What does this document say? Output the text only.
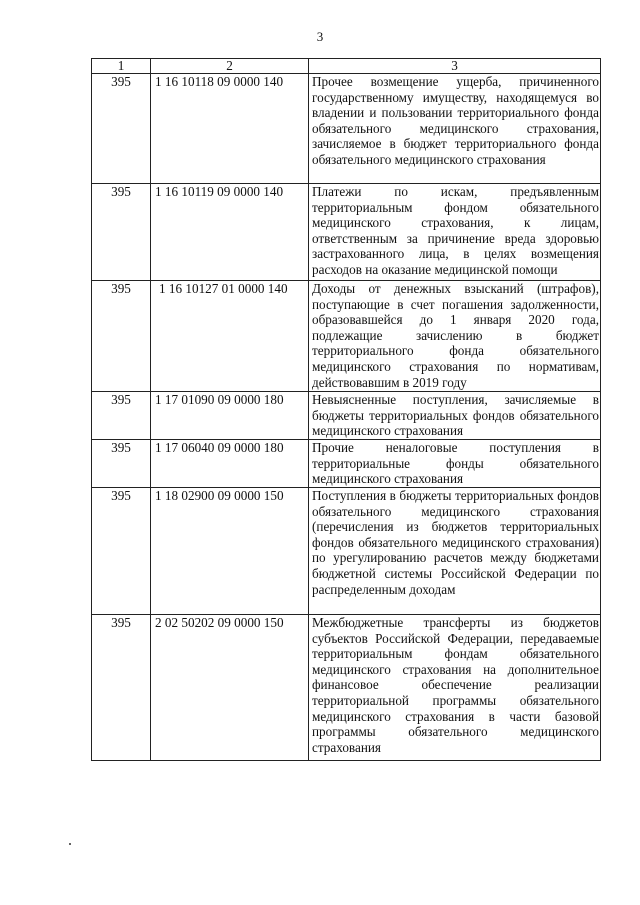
3
1	2	3
395	1 16 10118 09 0000 140	Прочее возмещение ущерба, причиненного государственному имуществу, находящемуся во владении и пользовании территориального фонда обязательного медицинского страхования, зачисляемое в бюджет территориального фонда обязательного медицинского страхования
395	1 16 10119 09 0000 140	Платежи по искам, предъявленным территориальным фондом обязательного медицинского страхования, к лицам, ответственным за причинение вреда здоровью застрахованного лица, в целях возмещения расходов на оказание медицинской помощи
395	1 16 10127 01 0000 140	Доходы от денежных взысканий (штрафов), поступающие в счет погашения задолженности, образовавшейся до 1 января 2020 года, подлежащие зачислению в бюджет территориального фонда обязательного медицинского страхования по нормативам, действовавшим в 2019 году
395	1 17 01090 09 0000 180	Невыясненные поступления, зачисляемые в бюджеты территориальных фондов обязательного медицинского страхования
395	1 17 06040 09 0000 180	Прочие неналоговые поступления в территориальные фонды обязательного медицинского страхования
395	1 18 02900 09 0000 150	Поступления в бюджеты территориальных фондов обязательного медицинского страхования (перечисления из бюджетов территориальных фондов обязательного медицинского страхования) по урегулированию расчетов между бюджетами бюджетной системы Российской Федерации по распределенным доходам
395	2 02 50202 09 0000 150	Межбюджетные трансферты из бюджетов субъектов Российской Федерации, передаваемые территориальным фондам обязательного медицинского страхования на дополнительное финансовое обеспечение реализации территориальной программы обязательного медицинского страхования в части базовой программы обязательного медицинского страхования
